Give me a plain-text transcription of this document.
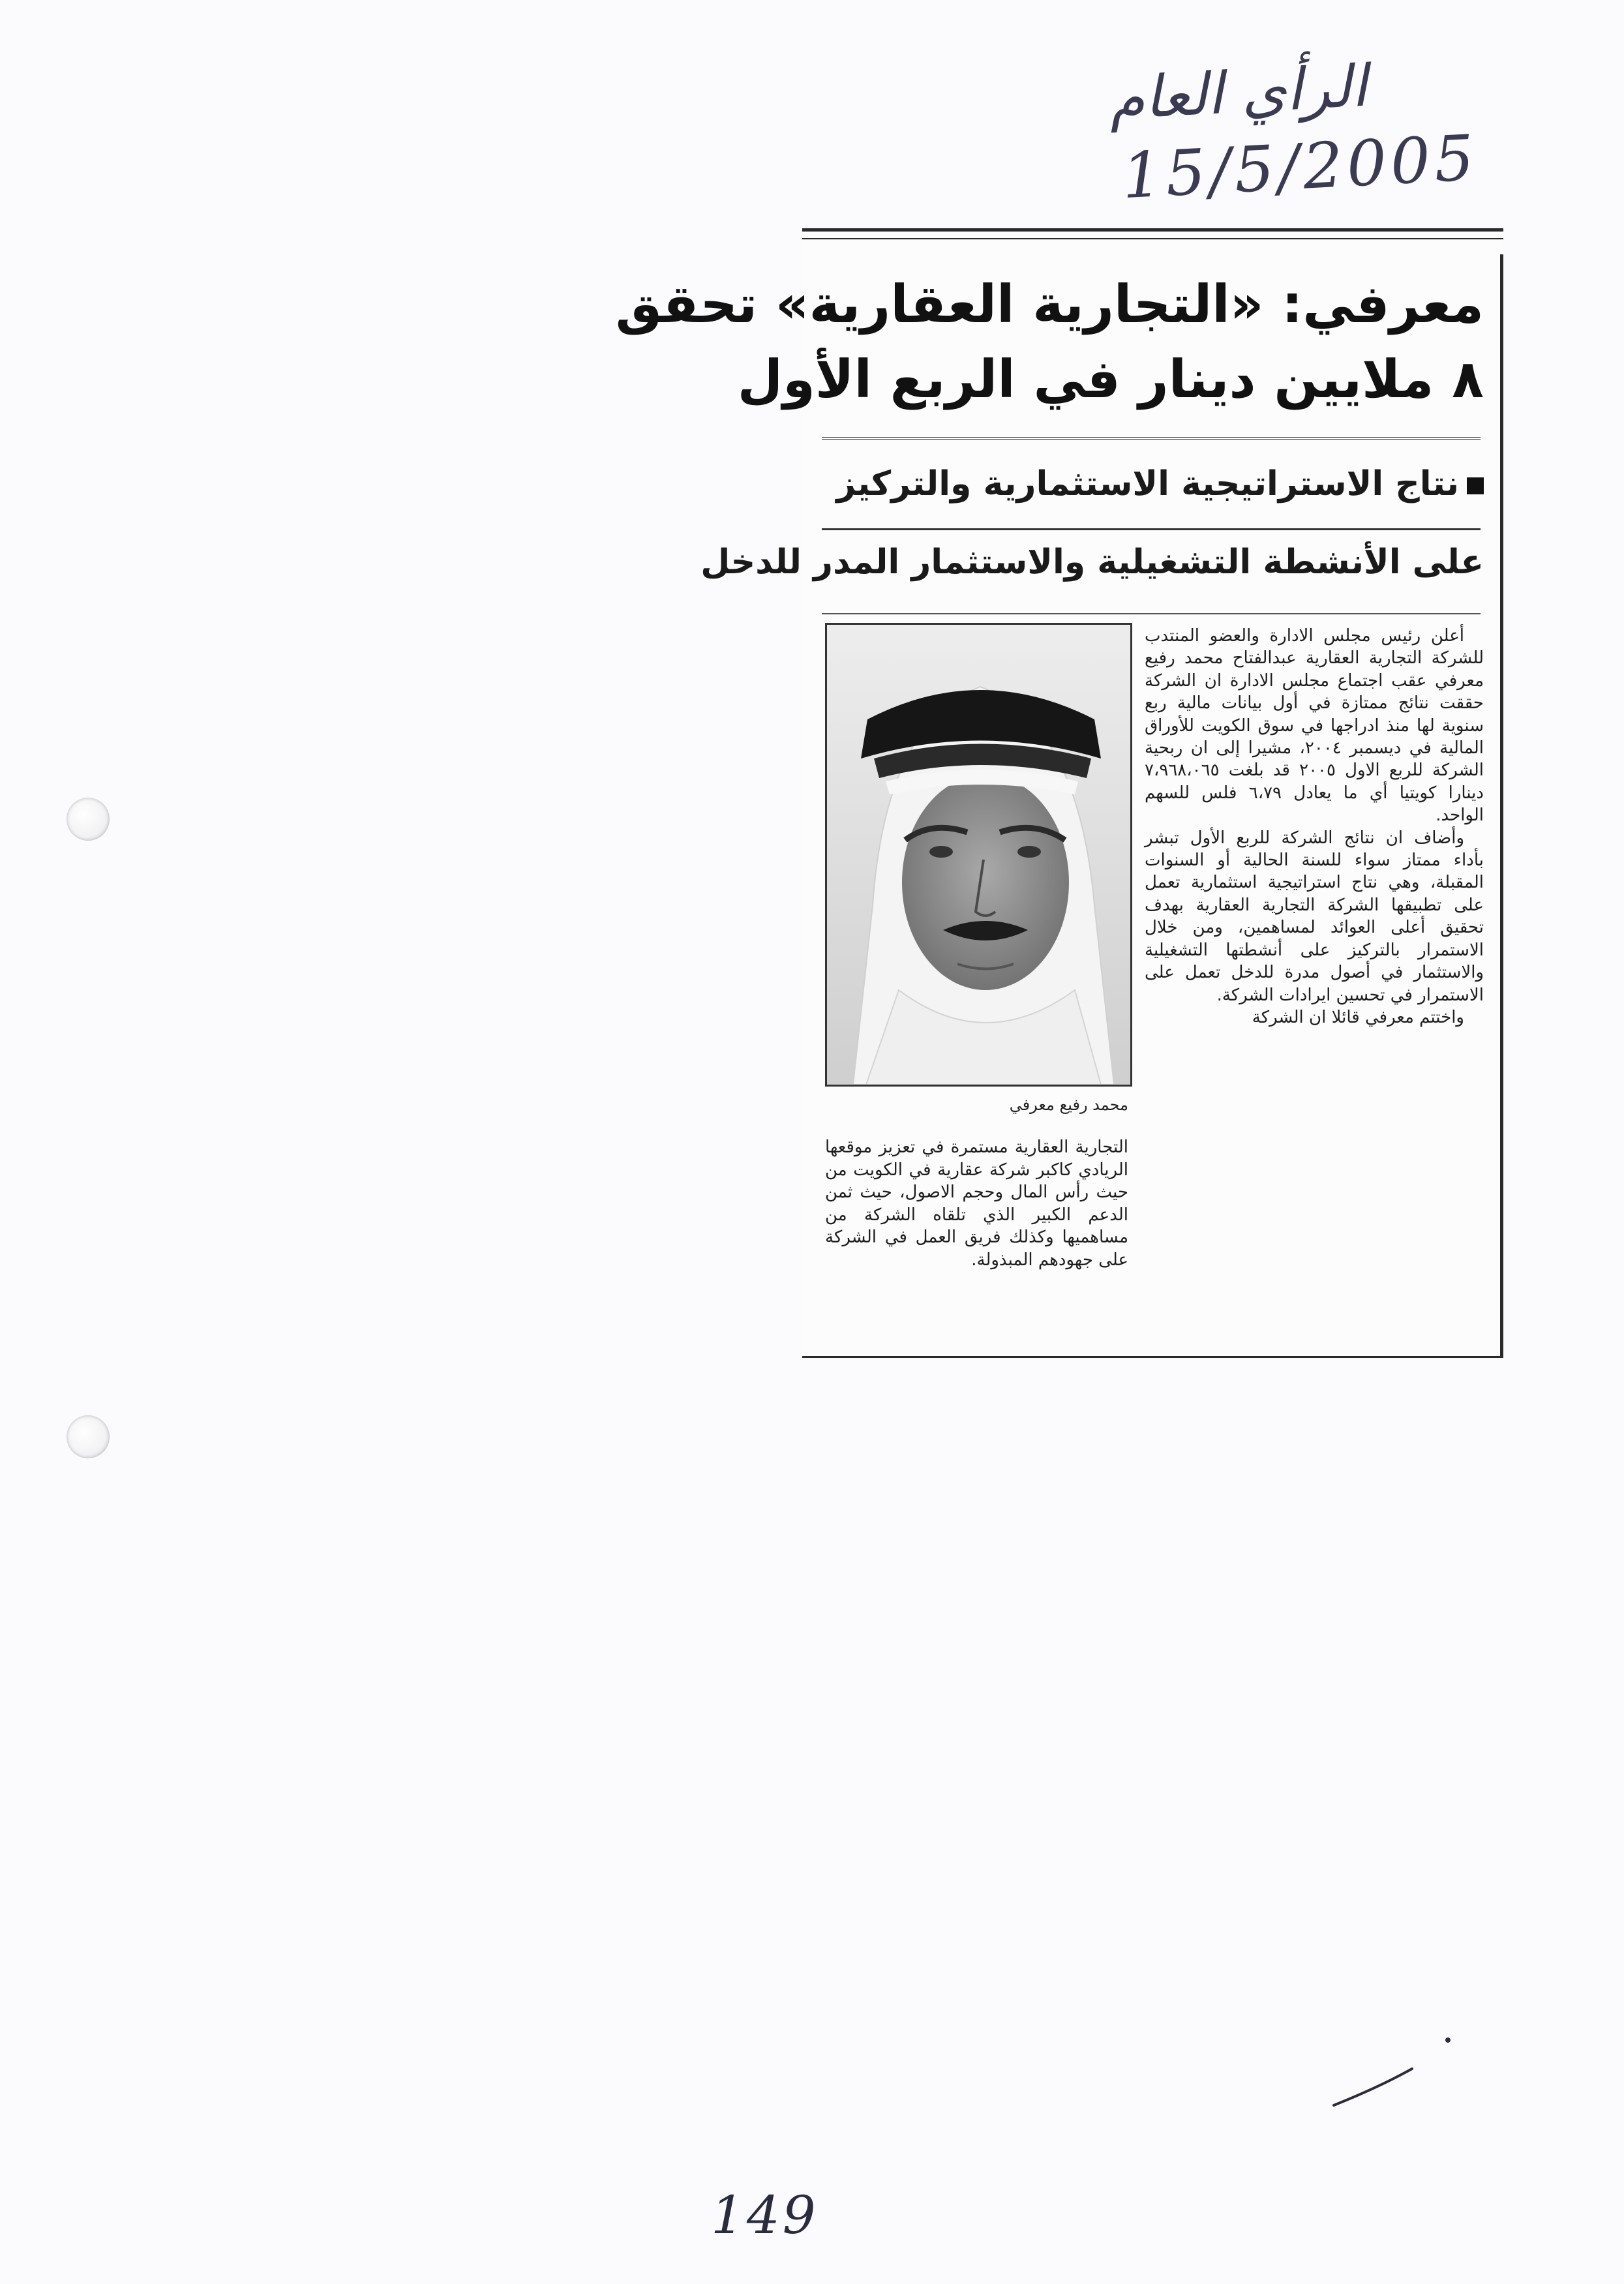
الرأي العام
15/5/2005
معرفي: «التجارية العقارية» تحقق
٨ ملايين دينار في الربع الأول
نتاج الاستراتيجية الاستثمارية والتركيز
على الأنشطة التشغيلية والاستثمار المدر للدخل

أعلن رئيس مجلس الادارة والعضو المنتدب للشركة التجارية العقارية عبدالفتاح محمد رفيع معرفي عقب اجتماع مجلس الادارة ان الشركة حققت نتائج ممتازة في أول بيانات مالية ربع سنوية لها منذ ادراجها في سوق الكويت للأوراق المالية في ديسمبر ٢٠٠٤، مشيرا إلى ان ربحية الشركة للربع الاول ٢٠٠٥ قد بلغت ٧،٩٦٨،٠٦٥ دينارا كويتيا أي ما يعادل ٦،٧٩ فلس للسهم الواحد.

وأضاف ان نتائج الشركة للربع الأول تبشر بأداء ممتاز سواء للسنة الحالية أو السنوات المقبلة، وهي نتاج استراتيجية استثمارية تعمل على تطبيقها الشركة التجارية العقارية بهدف تحقيق أعلى العوائد لمساهمين، ومن خلال الاستمرار بالتركيز على أنشطتها التشغيلية والاستثمار في أصول مدرة للدخل تعمل على الاستمرار في تحسين ايرادات الشركة.

واختتم معرفي قائلا ان الشركة

محمد رفيع معرفي

التجارية العقارية مستمرة في تعزيز موقعها الريادي كاكبر شركة عقارية في الكويت من حيث رأس المال وحجم الاصول، حيث ثمن الدعم الكبير الذي تلقاه الشركة من مساهميها وكذلك فريق العمل في الشركة على جهودهم المبذولة.

149
